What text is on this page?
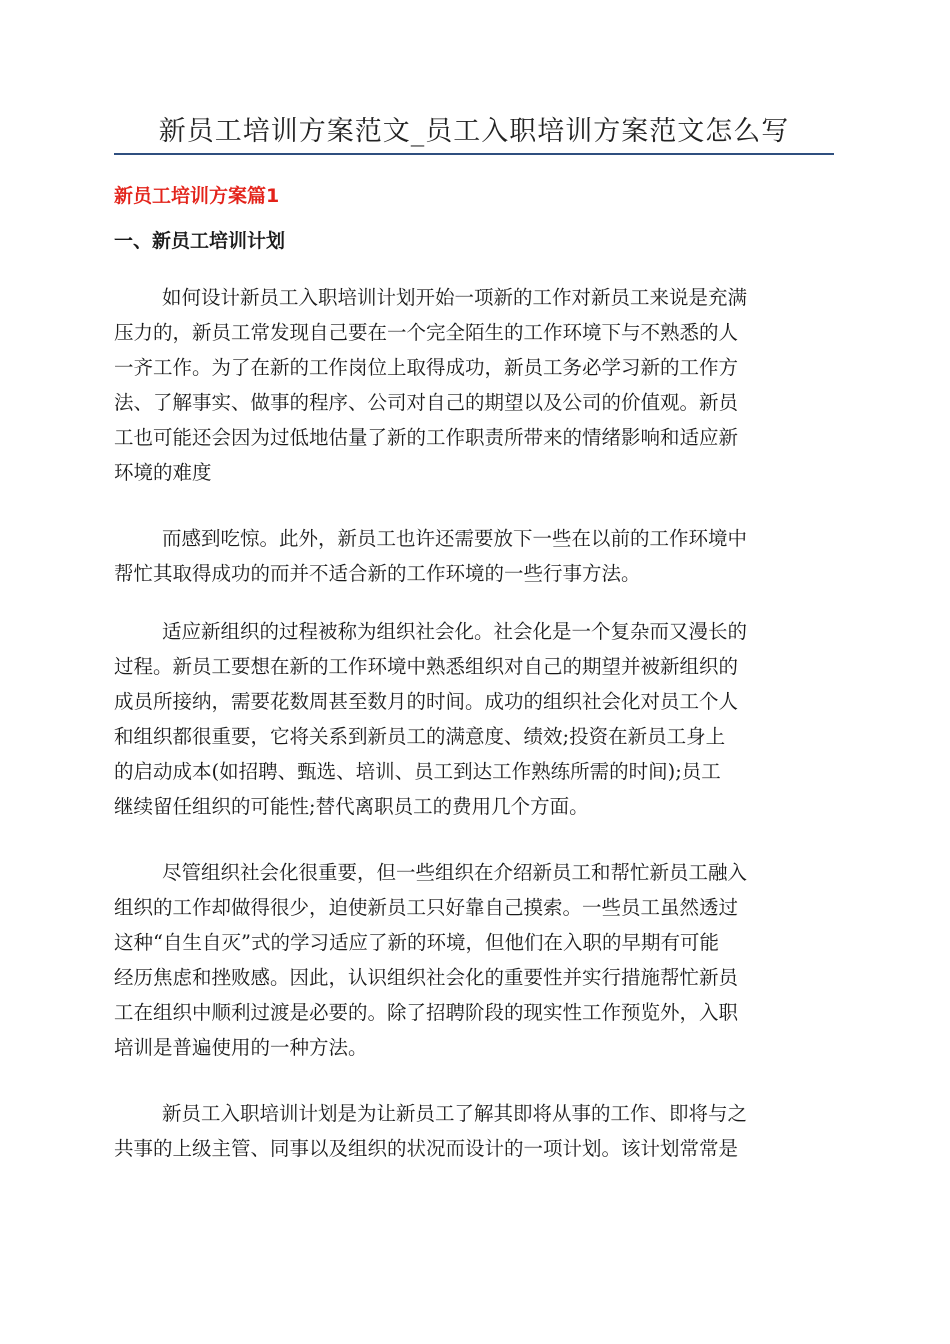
新员工培训方案范文_员工入职培训方案范文怎么写
新员工培训方案篇1
一、新员工培训计划
如何设计新员工入职培训计划开始一项新的工作对新员工来说是充满
压力的，新员工常发现自己要在一个完全陌生的工作环境下与不熟悉的人
一齐工作。为了在新的工作岗位上取得成功，新员工务必学习新的工作方
法、了解事实、做事的程序、公司对自己的期望以及公司的价值观。新员
工也可能还会因为过低地估量了新的工作职责所带来的情绪影响和适应新
环境的难度
而感到吃惊。此外，新员工也许还需要放下一些在以前的工作环境中
帮忙其取得成功的而并不适合新的工作环境的一些行事方法。
适应新组织的过程被称为组织社会化。社会化是一个复杂而又漫长的
过程。新员工要想在新的工作环境中熟悉组织对自己的期望并被新组织的
成员所接纳，需要花数周甚至数月的时间。成功的组织社会化对员工个人
和组织都很重要，它将关系到新员工的满意度、绩效;投资在新员工身上
的启动成本(如招聘、甄选、培训、员工到达工作熟练所需的时间);员工
继续留任组织的可能性;替代离职员工的费用几个方面。
尽管组织社会化很重要，但一些组织在介绍新员工和帮忙新员工融入
组织的工作却做得很少，迫使新员工只好靠自己摸索。一些员工虽然透过
这种“自生自灭”式的学习适应了新的环境，但他们在入职的早期有可能
经历焦虑和挫败感。因此，认识组织社会化的重要性并实行措施帮忙新员
工在组织中顺利过渡是必要的。除了招聘阶段的现实性工作预览外，入职
培训是普遍使用的一种方法。
新员工入职培训计划是为让新员工了解其即将从事的工作、即将与之
共事的上级主管、同事以及组织的状况而设计的一项计划。该计划常常是
